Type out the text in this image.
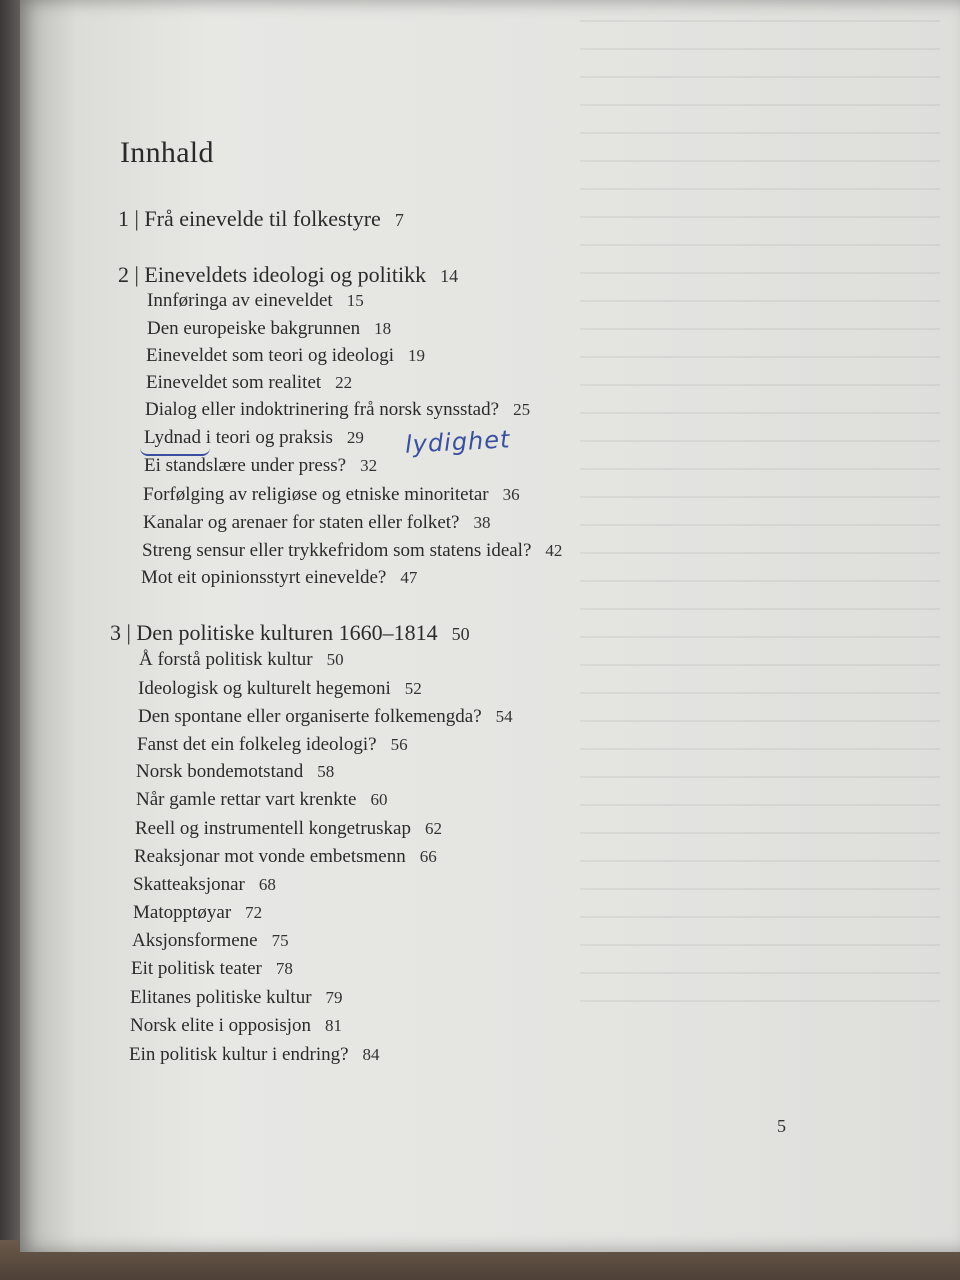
Innhald
1 | Frå einevelde til folkestyre 7
2 | Eineveldets ideologi og politikk 14
Innføringa av eineveldet 15
Den europeiske bakgrunnen 18
Eineveldet som teori og ideologi 19
Eineveldet som realitet 22
Dialog eller indoktrinering frå norsk synsstad? 25
Lydnad i teori og praksis 29 lydighet
Ei standslære under press? 32
Forfølging av religiøse og etniske minoritetar 36
Kanalar og arenaer for staten eller folket? 38
Streng sensur eller trykkefridom som statens ideal? 42
Mot eit opinionsstyrt einevelde? 47
3 | Den politiske kulturen 1660–1814 50
Å forstå politisk kultur 50
Ideologisk og kulturelt hegemoni 52
Den spontane eller organiserte folkemengda? 54
Fanst det ein folkeleg ideologi? 56
Norsk bondemotstand 58
Når gamle rettar vart krenkte 60
Reell og instrumentell kongetruskap 62
Reaksjonar mot vonde embetsmenn 66
Skatteaksjonar 68
Matopptøyar 72
Aksjonsformene 75
Eit politisk teater 78
Elitanes politiske kultur 79
Norsk elite i opposisjon 81
Ein politisk kultur i endring? 84
5
